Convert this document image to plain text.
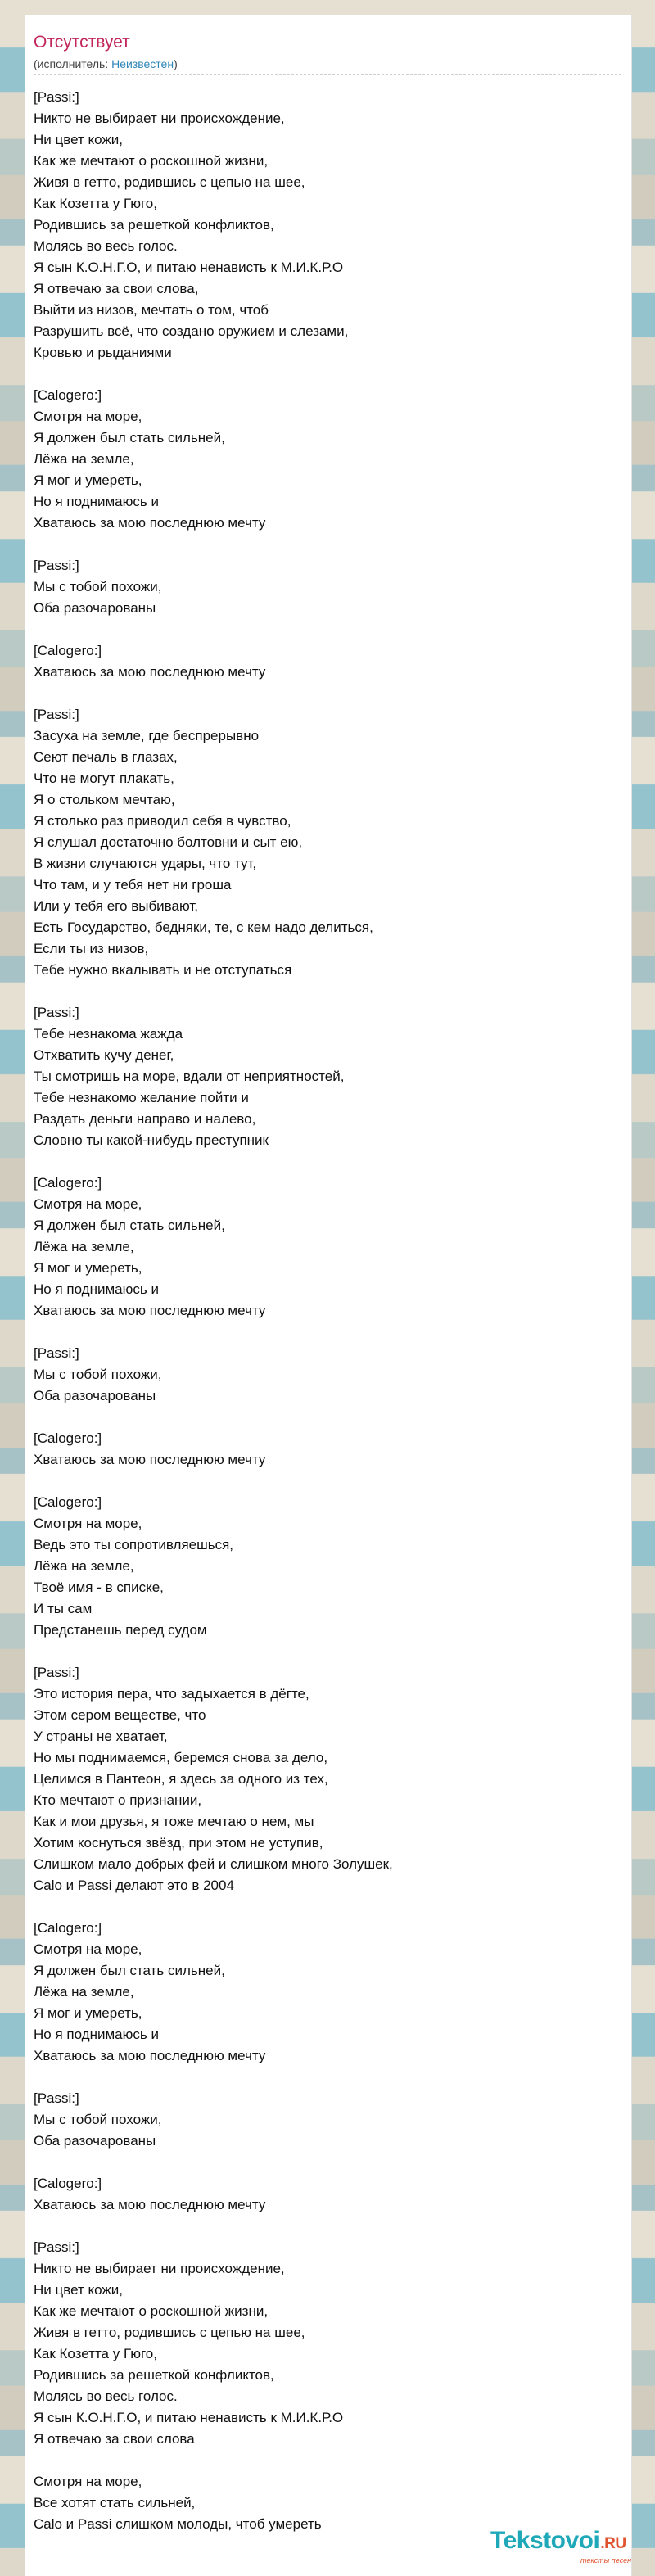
Отсутствует
(исполнитель: Неизвестен)
[Passi:]
Никто не выбирает ни происхождение,
Ни цвет кожи,
Как же мечтают о роскошной жизни,
Живя в гетто, родившись с цепью на шее,
Как Козетта у Гюго,
Родившись за решеткой конфликтов,
Молясь во весь голос.
Я сын К.О.Н.Г.О, и питаю ненависть к М.И.К.Р.О
Я отвечаю за свои слова,
Выйти из низов, мечтать о том, чтоб
Разрушить всё, что создано оружием и слезами,
Кровью и рыданиями
[Calogero:]
Смотря на море,
Я должен был стать сильней,
Лёжа на земле,
Я мог и умереть,
Но я поднимаюсь и
Хватаюсь за мою последнюю мечту
[Passi:]
Мы с тобой похожи,
Оба разочарованы
[Calogero:]
Хватаюсь за мою последнюю мечту
[Passi:]
Засуха на земле, где беспрерывно
Сеют печаль в глазах,
Что не могут плакать,
Я о стольком мечтаю,
Я столько раз приводил себя в чувство,
Я слушал достаточно болтовни и сыт ею,
В жизни случаются удары, что тут,
Что там, и у тебя нет ни гроша
Или у тебя его выбивают,
Есть Государство, бедняки, те, с кем надо делиться,
Если ты из низов,
Тебе нужно вкалывать и не отступаться
[Passi:]
Тебе незнакома жажда
Отхватить кучу денег,
Ты смотришь на море, вдали от неприятностей,
Тебе незнакомо желание пойти и
Раздать деньги направо и налево,
Словно ты какой-нибудь преступник
[Calogero:]
Смотря на море,
Я должен был стать сильней,
Лёжа на земле,
Я мог и умереть,
Но я поднимаюсь и
Хватаюсь за мою последнюю мечту
[Passi:]
Мы с тобой похожи,
Оба разочарованы
[Calogero:]
Хватаюсь за мою последнюю мечту
[Calogero:]
Смотря на море,
Ведь это ты сопротивляешься,
Лёжа на земле,
Твоё имя - в списке,
И ты сам
Предстанешь перед судом
[Passi:]
Это история пера, что задыхается в дёгте,
Этом сером веществе, что
У страны не хватает,
Но мы поднимаемся, беремся снова за дело,
Целимся в Пантеон, я здесь за одного из тех,
Кто мечтают о признании,
Как и мои друзья, я тоже мечтаю о нем, мы
Хотим коснуться звёзд, при этом не уступив,
Слишком мало добрых фей и слишком много Золушек,
Calo и Passi делают это в 2004
[Calogero:]
Смотря на море,
Я должен был стать сильней,
Лёжа на земле,
Я мог и умереть,
Но я поднимаюсь и
Хватаюсь за мою последнюю мечту
[Passi:]
Мы с тобой похожи,
Оба разочарованы
[Calogero:]
Хватаюсь за мою последнюю мечту
[Passi:]
Никто не выбирает ни происхождение,
Ни цвет кожи,
Как же мечтают о роскошной жизни,
Живя в гетто, родившись с цепью на шее,
Как Козетта у Гюго,
Родившись за решеткой конфликтов,
Молясь во весь голос.
Я сын К.О.Н.Г.О, и питаю ненависть к М.И.К.Р.О
Я отвечаю за свои слова
Смотря на море,
Все хотят стать сильней,
Calo и Passi слишком молоды, чтоб умереть
Tekstovoi.RU
тексты песен
